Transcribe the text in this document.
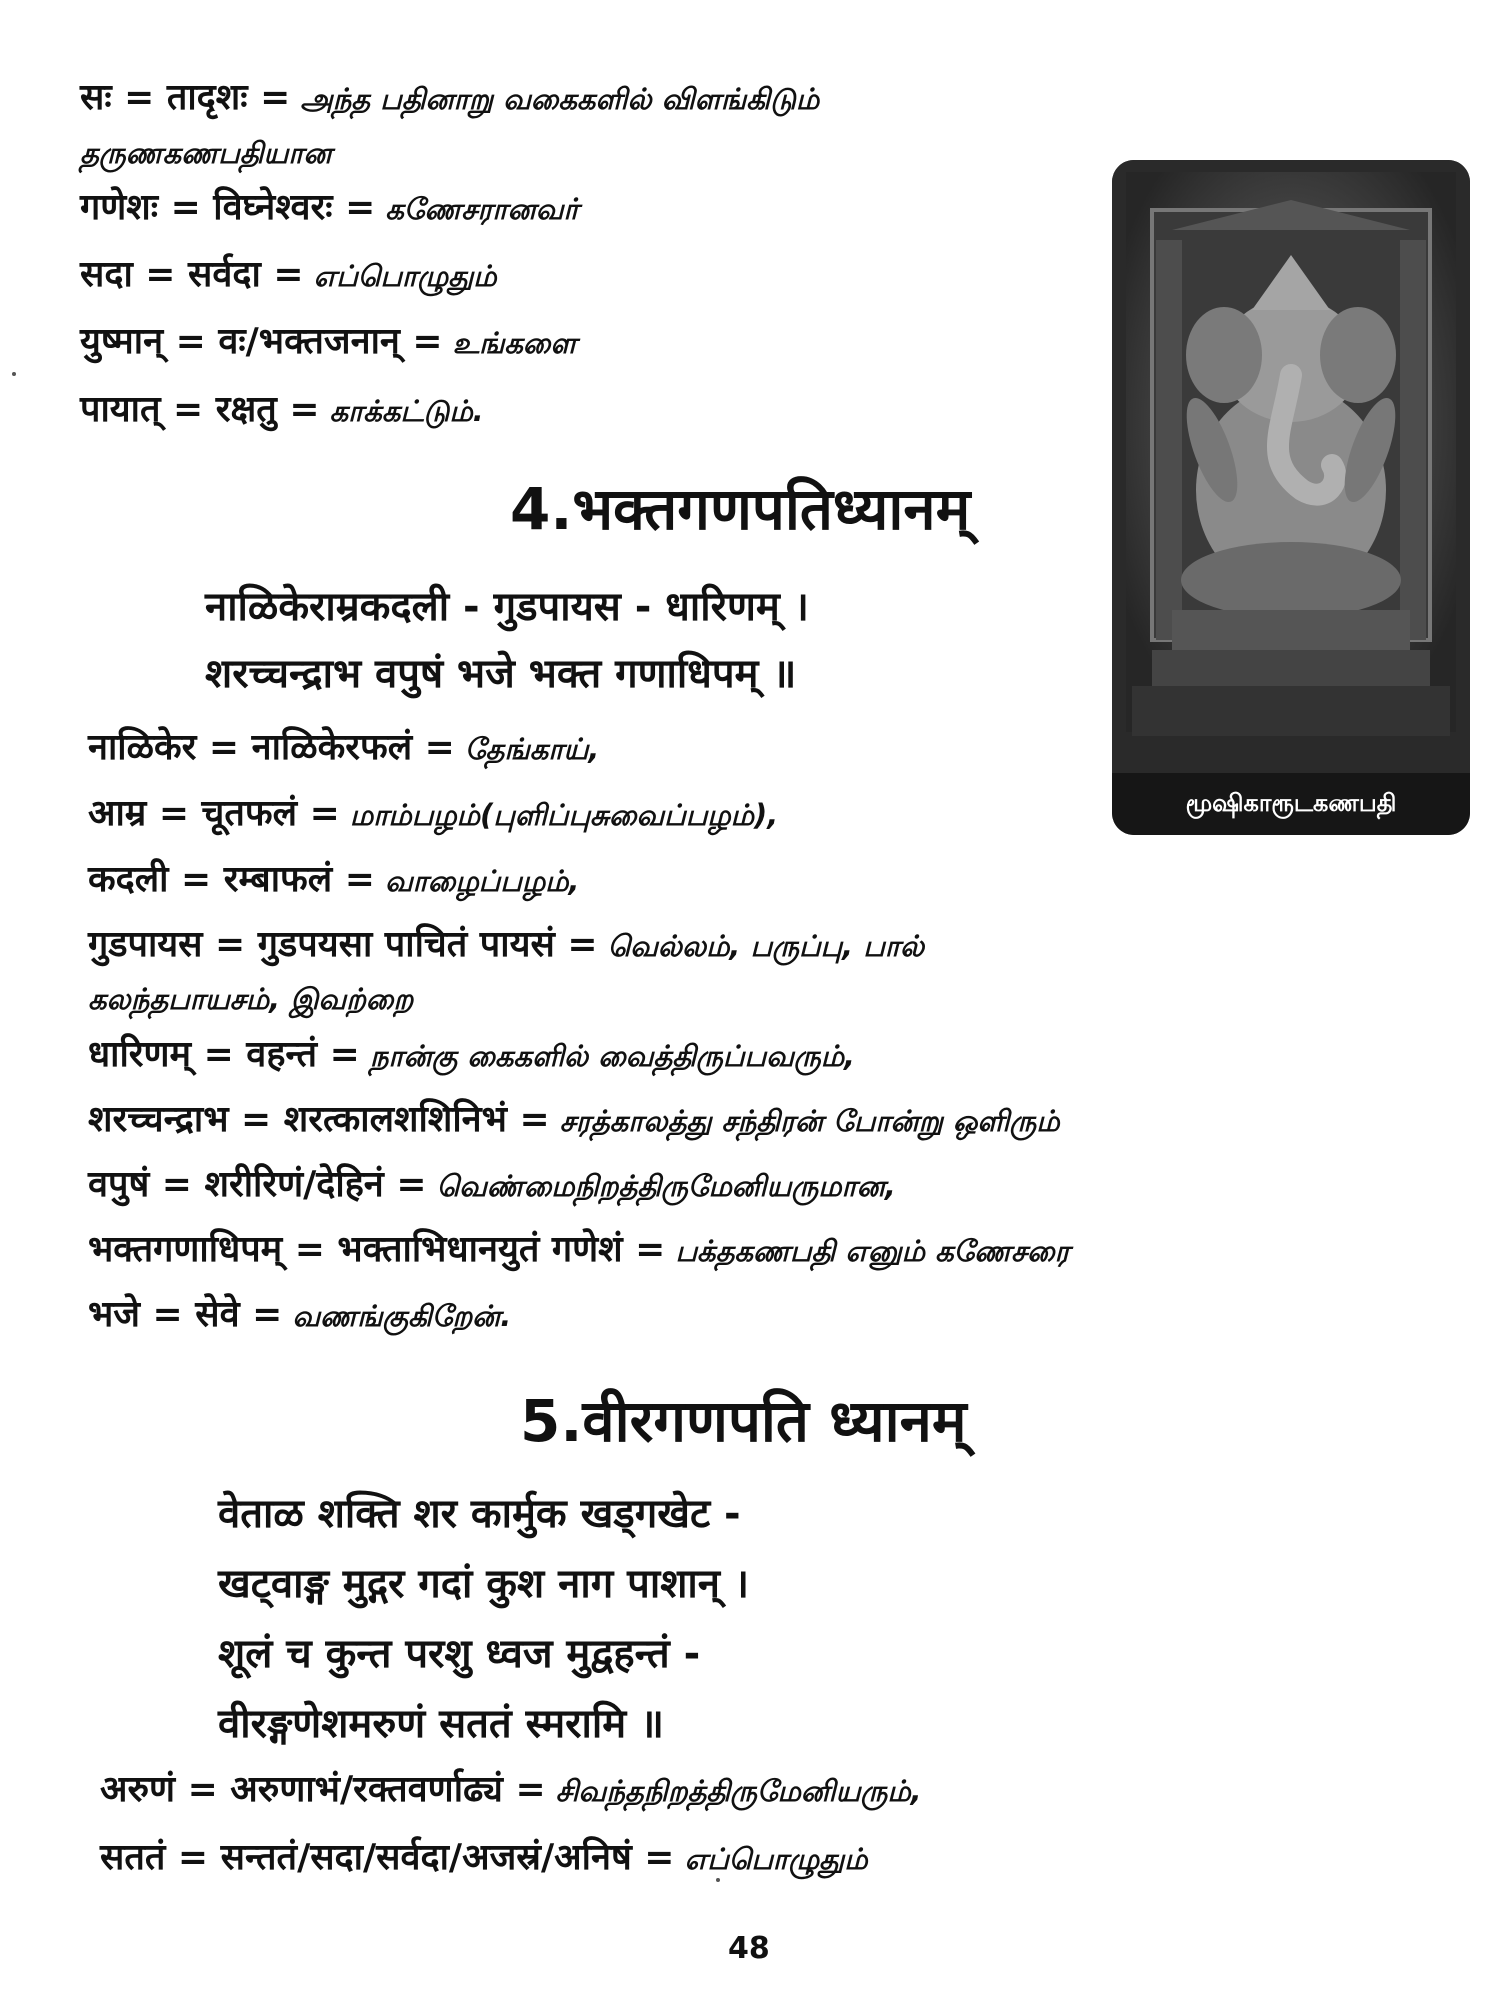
सः = तादृशः = அந்த பதினாறு வகைகளில் விளங்கிடும்
தருணகணபதியான
गणेशः = विघ्नेश्वरः = கணேசரானவர்
सदा = सर्वदा = எப்பொழுதும்
युष्मान् = वः/भक्तजनान् = உங்களை
पायात् = रक्षतु = காக்கட்டும்.
4.भक्तगणपतिध्यानम्
नाळिकेराम्रकदली - गुडपायस - धारिणम् ।
शरच्चन्द्राभ वपुषं भजे भक्त गणाधिपम् ॥
नाळिकेर = नाळिकेरफलं = தேங்காய்,
आम्र = चूतफलं = மாம்பழம்(புளிப்புசுவைப்பழம்),
कदली = रम्बाफलं = வாழைப்பழம்,
गुडपायस = गुडपयसा पाचितं पायसं = வெல்லம், பருப்பு, பால்
கலந்தபாயசம், இவற்றை
धारिणम् = वहन्तं = நான்கு கைகளில் வைத்திருப்பவரும்,
शरच्चन्द्राभ = शरत्कालशशिनिभं = சரத்காலத்து சந்திரன் போன்று ஒளிரும்
वपुषं = शरीरिणं/देहिनं = வெண்மைநிறத்திருமேனியருமான,
भक्तगणाधिपम् = भक्ताभिधानयुतं गणेशं = பக்தகணபதி எனும் கணேசரை
भजे = सेवे = வணங்குகிறேன்.
5.वीरगणपति ध्यानम्
वेताळ शक्ति शर कार्मुक खड्गखेट -
खट्वाङ्ग मुद्गर गदां कुश नाग पाशान् ।
शूलं च कुन्त परशु ध्वज मुद्वहन्तं -
वीरङ्गणेशमरुणं सततं स्मरामि ॥
अरुणं = अरुणाभं/रक्तवर्णाढ्यं = சிவந்தநிறத்திருமேனியரும்,
सततं = सन्ततं/सदा/सर्वदा/अजस्रं/अनिषं = எப்பொழுதும்
மூஷிகாரூடகணபதி
48
